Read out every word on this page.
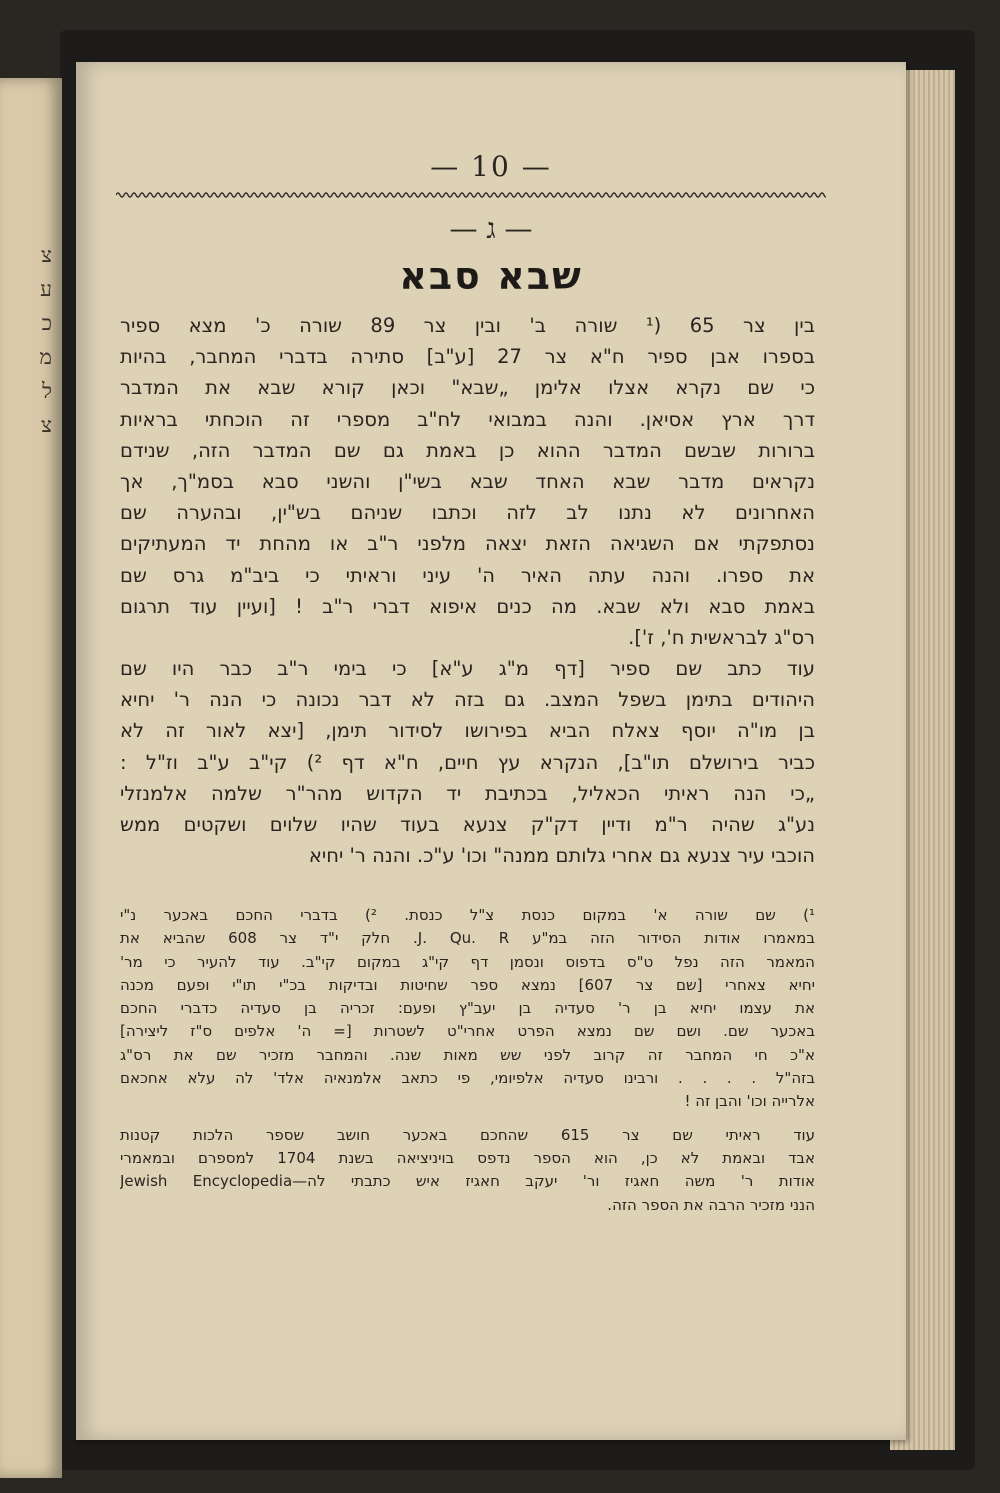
צ
ע
כ
מ
ל
צ
— 10 —
— ג —
שבא סבא
בין צר 65 (¹ שורה ב' ובין צר 89 שורה כ' מצא ספיר
בספרו אבן ספיר ח"א צר 27 [ע"ב] סתירה בדברי המחבר, בהיות
כי שם נקרא אצלו אלימן „שבא" וכאן קורא שבא את המדבר
דרך ארץ אסיאן. והנה במבואי לח"ב מספרי זה הוכחתי בראיות
ברורות שבשם המדבר ההוא כן באמת גם שם המדבר הזה, שנידם
נקראים מדבר שבא האחד שבא בשי"ן והשני סבא בסמ"ך, אך
האחרונים לא נתנו לב לזה וכתבו שניהם בש"ין, ובהערה שם
נסתפקתי אם השגיאה הזאת יצאה מלפני ר"ב או מהחת יד המעתיקים
את ספרו. והנה עתה האיר ה' עיני וראיתי כי ביב"מ גרס שם
באמת סבא ולא שבא. מה כנים איפוא דברי ר"ב ! [ועיין עוד תרגום
רס"ג לבראשית ח', ז'].
עוד כתב שם ספיר [דף מ"ג ע"א] כי בימי ר"ב כבר היו שם
היהודים בתימן בשפל המצב. גם בזה לא דבר נכונה כי הנה ר' יחיא
בן מו"ה יוסף צאלח הביא בפירושו לסידור תימן, [יצא לאור זה לא
כביר בירושלם תו"ב], הנקרא עץ חיים, ח"א דף ²) קי"ב ע"ב וז"ל :
„כי הנה ראיתי הכאליל, בכתיבת יד הקדוש מהר"ר שלמה אלמנזלי
נע"ג שהיה ר"מ ודיין דק"ק צנעא בעוד שהיו שלוים ושקטים ממש
הוכבי עיר צנעא גם אחרי גלותם ממנה" וכו' ע"כ. והנה ר' יחיא
¹) שם שורה א' במקום כנסת צ"ל כנסת. ²) בדברי החכם באכער נ"י
במאמרו אודות הסידור הזה במ"ע J. Qu. R. חלק י"ד צר 608 שהביא את
המאמר הזה נפל ט"ס בדפוס ונסמן דף קי"ג במקום קי"ב. עוד להעיר כי מר'
יחיא צאחרי [שם צר 607] נמצא ספר שחיטות ובדיקות בכ"י תו"י ופעם מכנה
את עצמו יחיא בן ר' סעדיה בן יעב"ץ ופעם: זכריה בן סעדיה כדברי החכם
באכער שם. ושם שם נמצא הפרט אחרי"ט לשטרות [= ה' אלפים ס"ז ליצירה]
א"כ חי המחבר זה קרוב לפני שש מאות שנה. והמחבר מזכיר שם את רס"ג
בזה"ל . . . . ורבינו סעדיה אלפיומי, פי כתאב אלמנאיה אלד' לה עלא אחכאם
אלרייה וכו' והבן זה !
עוד ראיתי שם צר 615 שהחכם באכער חושב שספר הלכות קטנות
אבד ובאמת לא כן, הוא הספר נדפס בויניציאה בשנת 1704 למספרם ובמאמרי
אודות ר' משה חאגיז ור' יעקב חאגיז איש כתבתי לה—Jewish Encyclopedia
הנני מזכיר הרבה את הספר הזה.
